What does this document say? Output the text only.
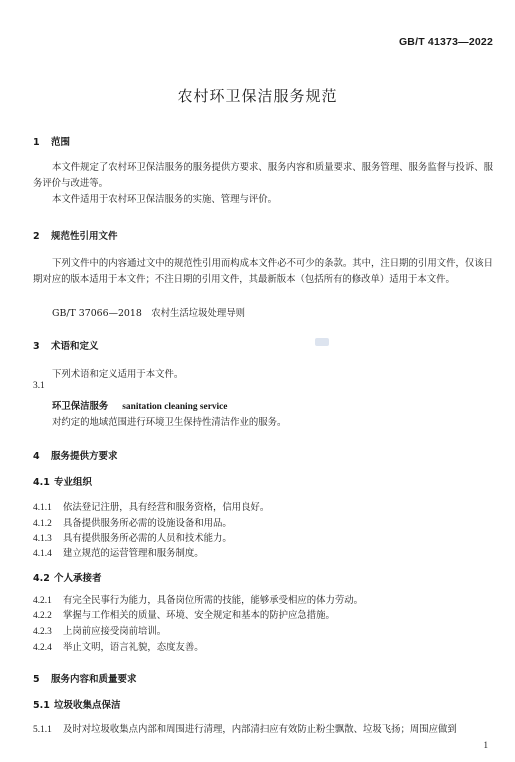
GB/T 41373—2022
农村环卫保洁服务规范
1 范围
本文件规定了农村环卫保洁服务的服务提供方要求、服务内容和质量要求、服务管理、服务监督与投诉、服务评价与改进等。
本文件适用于农村环卫保洁服务的实施、管理与评价。
2 规范性引用文件
下列文件中的内容通过文中的规范性引用而构成本文件必不可少的条款。其中，注日期的引用文件，仅该日期对应的版本适用于本文件；不注日期的引用文件，其最新版本（包括所有的修改单）适用于本文件。
GB/T 37066—2018　农村生活垃圾处理导则
3 术语和定义
下列术语和定义适用于本文件。
3.1
环卫保洁服务 sanitation cleaning service
对约定的地域范围进行环境卫生保持性清洁作业的服务。
4 服务提供方要求
4.1 专业组织
4.1.1 依法登记注册，具有经营和服务资格，信用良好。
4.1.2 具备提供服务所必需的设施设备和用品。
4.1.3 具有提供服务所必需的人员和技术能力。
4.1.4 建立规范的运营管理和服务制度。
4.2 个人承接者
4.2.1 有完全民事行为能力，具备岗位所需的技能，能够承受相应的体力劳动。
4.2.2 掌握与工作相关的质量、环境、安全规定和基本的防护应急措施。
4.2.3 上岗前应接受岗前培训。
4.2.4 举止文明，语言礼貌，态度友善。
5 服务内容和质量要求
5.1 垃圾收集点保洁
5.1.1 及时对垃圾收集点内部和周围进行清理，内部清扫应有效防止粉尘飘散、垃圾飞扬；周围应做到
1
